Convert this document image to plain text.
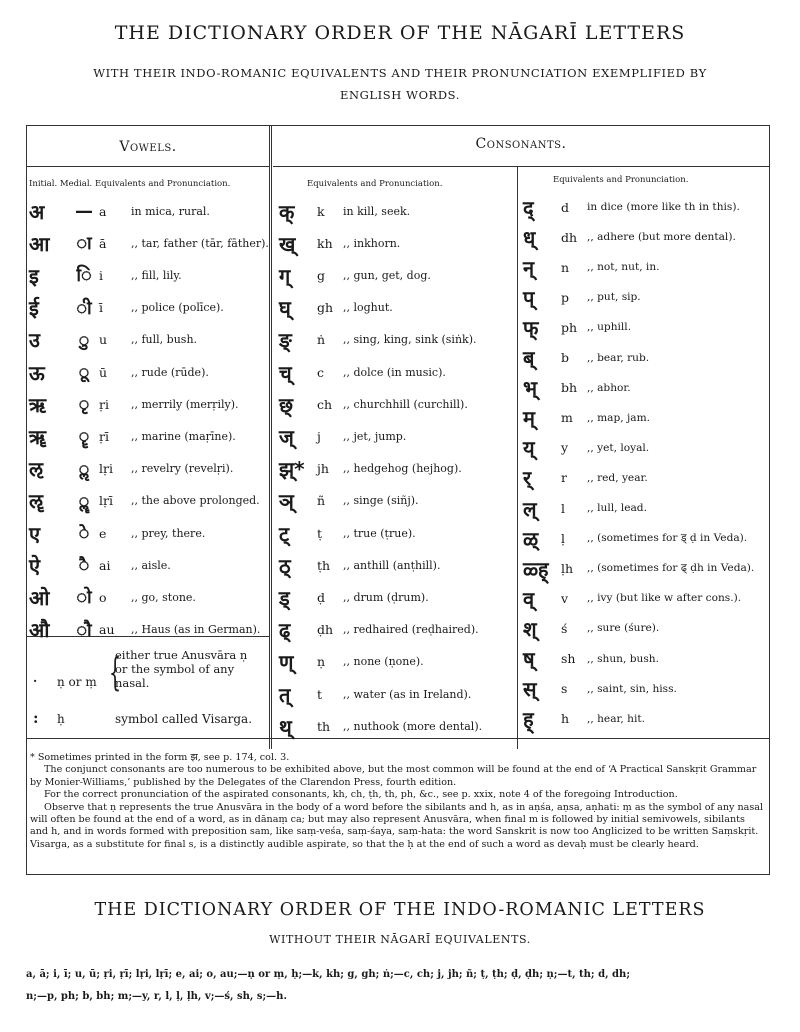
THE DICTIONARY ORDER OF THE NĀGARĪ LETTERS
WITH THEIR INDO-ROMANIC EQUIVALENTS AND THEIR PRONUNCIATION EXEMPLIFIED BY
ENGLISH WORDS.
Vowels.	Consonants.
Initial. Medial. Equivalents and Pronunciation.	Equivalents and Pronunciation.	Equivalents and Pronunciation.
अ	— a	in mica, rural.
आ	ा ā	,, tar, father (tār, fāther).
इ	ि i	,, fill, lily.
ई	ी ī	,, police (polīce).
उ	ु u	,, full, bush.
ऊ	ू ū	,, rude (rūde).
ऋ	ृ ṛi	,, merrily (merṛily).
ॠ	ॄ ṛī	,, marine (maṛīne).
ऌ	ॢ lṛi	,, revelry (revelṛi).
ॡ	ॣ lṛī	,, the above prolonged.
ए	े e	,, prey, there.
ऐ	ै ai	,, aisle.
ओ	ो o	,, go, stone.
औ	ौ au	,, Haus (as in German).
क्	k	in kill, seek.
ख्	kh ,, inkhorn.
ग्	g	,, gun, get, dog.
घ्	gh ,, loghut.
ङ्	ṅ	,, sing, king, sink (siṅk).
च्	c	,, dolce (in music).
छ्	ch ,, churchhill (curchill).
ज्	j	,, jet, jump.
झ्* jh	,, hedgehog (hejhog).
ञ्	ñ	,, singe (siñj).
ट्	ṭ	,, true (ṭrue).
ठ्	ṭh	,, anthill (anṭhill).
ड्	ḍ	,, drum (ḍrum).
ढ्	ḍh ,, redhaired (reḍhaired).
ण्	ṇ	,, none (ṇone).
त्	t	,, water (as in Ireland).
थ्	th	,, nuthook (more dental).
द्	d	in dice (more like th in this).
ध्	dh ,, adhere (but more dental).
न्	n	,, not, nut, in.
प्	p	,, put, sip.
फ्	ph ,, uphill.
ब्	b	,, bear, rub.
भ्	bh ,, abhor.
म्	m	,, map, jam.
य्	y	,, yet, loyal.
र्	r	,, red, year.
ल्	l	,, lull, lead.
ळ्	ḷ	,, (sometimes for ड् ḍ in Veda).
ळ्ह्	ḷh	,, (sometimes for ढ् ḍh in Veda).
व्	v	,, ivy (but like w after cons.).
श्	ś	,, sure (śure).
ष्	sh	,, shun, bush.
स्	s	,, saint, sin, hiss.
ह्	h	,, hear, hit.
· ṇ or ṃ {
either true Anusvāra ṇ
or the symbol of any
nasal.
: ḥ	symbol called Visarga.

* Sometimes printed in the form झ, see p. 174, col. 3.

The conjunct consonants are too numerous to be exhibited above, but the most common will be found at the end of ‘A Practical Sanskṛit Grammar by Monier-Williams,’ published by the Delegates of the Clarendon Press, fourth edition.

For the correct pronunciation of the aspirated consonants, kh, ch, ṭh, th, ph, &c., see p. xxix, note 4 of the foregoing Introduction.

Observe that ṇ represents the true Anusvāra in the body of a word before the sibilants and h, as in aṇśa, aṇsa, aṇhati: ṃ as the symbol of any nasal will often be found at the end of a word, as in dānaṃ ca; but may also represent Anusvāra, when final m is followed by initial semivowels, sibilants and h, and in words formed with preposition sam, like saṃ-veśa, saṃ-śaya, saṃ-hata: the word Sanskrit is now too Anglicized to be written Saṃskṛit. Visarga, as a substitute for final s, is a distinctly audible aspirate, so that the ḥ at the end of such a word as devaḥ must be clearly heard.

THE DICTIONARY ORDER OF THE INDO-ROMANIC LETTERS
WITHOUT THEIR NĀGARĪ EQUIVALENTS.
a, ā; i, ī; u, ū; ṛi, ṛī; lṛi, lṛī; e, ai; o, au;—ṇ or ṃ, ḥ;—k, kh; g, gh; ṅ;—c, ch; j, jh; ñ; ṭ, ṭh; ḍ, ḍh; ṇ;—t, th; d, dh;
n;—p, ph; b, bh; m;—y, r, l, ḷ, ḷh, v;—ś, sh, s;—h.
